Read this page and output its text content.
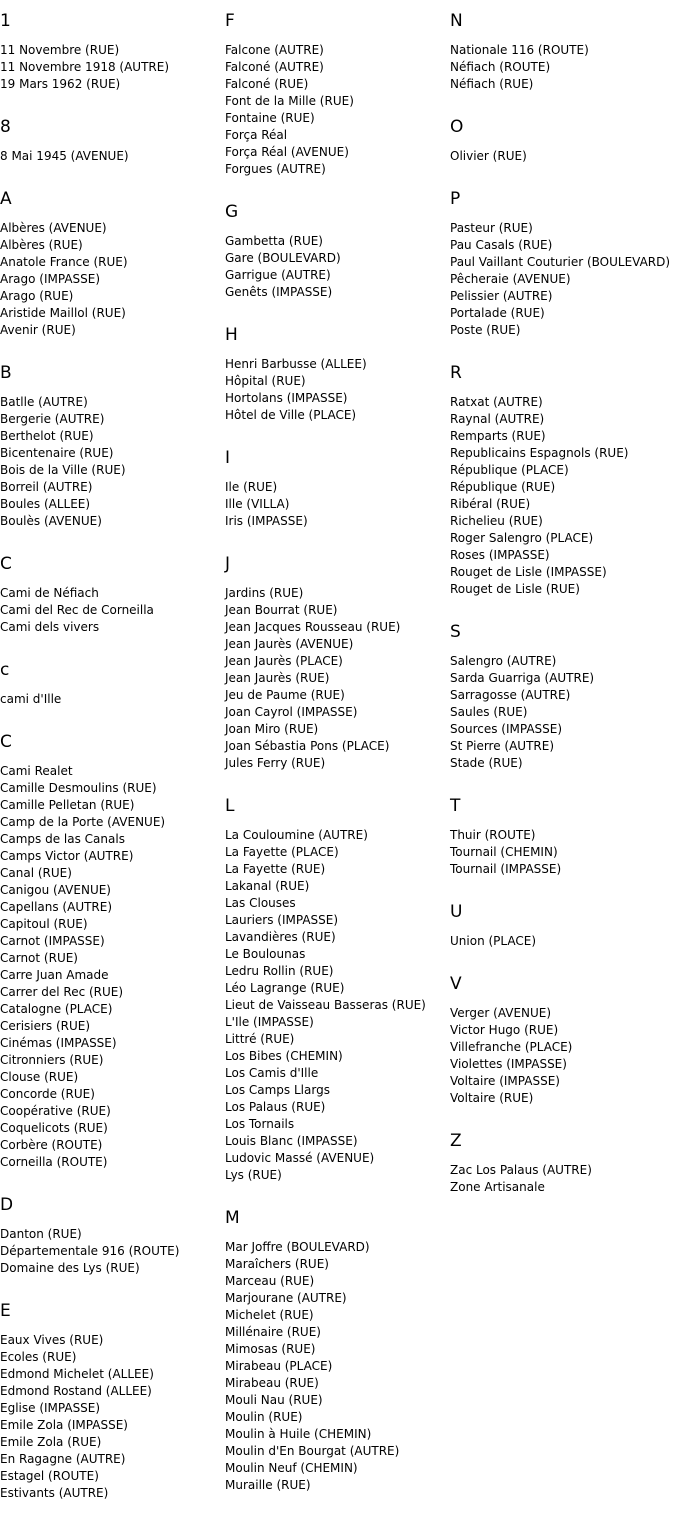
1
11 Novembre (RUE)
11 Novembre 1918 (AUTRE)
19 Mars 1962 (RUE)
8
8 Mai 1945 (AVENUE)
A
Albères (AVENUE)
Albères (RUE)
Anatole France (RUE)
Arago (IMPASSE)
Arago (RUE)
Aristide Maillol (RUE)
Avenir (RUE)
B
Batlle (AUTRE)
Bergerie (AUTRE)
Berthelot (RUE)
Bicentenaire (RUE)
Bois de la Ville (RUE)
Borreil (AUTRE)
Boules (ALLEE)
Boulès (AVENUE)
C
Cami de Néfiach
Cami del Rec de Corneilla
Cami dels vivers
c
cami d'Ille
C
Cami Realet
Camille Desmoulins (RUE)
Camille Pelletan (RUE)
Camp de la Porte (AVENUE)
Camps de las Canals
Camps Victor (AUTRE)
Canal (RUE)
Canigou (AVENUE)
Capellans (AUTRE)
Capitoul (RUE)
Carnot (IMPASSE)
Carnot (RUE)
Carre Juan Amade
Carrer del Rec (RUE)
Catalogne (PLACE)
Cerisiers (RUE)
Cinémas (IMPASSE)
Citronniers (RUE)
Clouse (RUE)
Concorde (RUE)
Coopérative (RUE)
Coquelicots (RUE)
Corbère (ROUTE)
Corneilla (ROUTE)
D
Danton (RUE)
Départementale 916 (ROUTE)
Domaine des Lys (RUE)
E
Eaux Vives (RUE)
Ecoles (RUE)
Edmond Michelet (ALLEE)
Edmond Rostand (ALLEE)
Eglise (IMPASSE)
Emile Zola (IMPASSE)
Emile Zola (RUE)
En Ragagne (AUTRE)
Estagel (ROUTE)
Estivants (AUTRE)
F
Falcone (AUTRE)
Falconé (AUTRE)
Falconé (RUE)
Font de la Mille (RUE)
Fontaine (RUE)
Força Réal
Força Réal (AVENUE)
Forgues (AUTRE)
G
Gambetta (RUE)
Gare (BOULEVARD)
Garrigue (AUTRE)
Genêts (IMPASSE)
H
Henri Barbusse (ALLEE)
Hôpital (RUE)
Hortolans (IMPASSE)
Hôtel de Ville (PLACE)
I
Ile (RUE)
Ille (VILLA)
Iris (IMPASSE)
J
Jardins (RUE)
Jean Bourrat (RUE)
Jean Jacques Rousseau (RUE)
Jean Jaurès (AVENUE)
Jean Jaurès (PLACE)
Jean Jaurès (RUE)
Jeu de Paume (RUE)
Joan Cayrol (IMPASSE)
Joan Miro (RUE)
Joan Sébastia Pons (PLACE)
Jules Ferry (RUE)
L
La Couloumine (AUTRE)
La Fayette (PLACE)
La Fayette (RUE)
Lakanal (RUE)
Las Clouses
Lauriers (IMPASSE)
Lavandières (RUE)
Le Boulounas
Ledru Rollin (RUE)
Léo Lagrange (RUE)
Lieut de Vaisseau Basseras (RUE)
L'Ile (IMPASSE)
Littré (RUE)
Los Bibes (CHEMIN)
Los Camis d'Ille
Los Camps Llargs
Los Palaus (RUE)
Los Tornails
Louis Blanc (IMPASSE)
Ludovic Massé (AVENUE)
Lys (RUE)
M
Mar Joffre (BOULEVARD)
Maraîchers (RUE)
Marceau (RUE)
Marjourane (AUTRE)
Michelet (RUE)
Millénaire (RUE)
Mimosas (RUE)
Mirabeau (PLACE)
Mirabeau (RUE)
Mouli Nau (RUE)
Moulin (RUE)
Moulin à Huile (CHEMIN)
Moulin d'En Bourgat (AUTRE)
Moulin Neuf (CHEMIN)
Muraille (RUE)
N
Nationale 116 (ROUTE)
Néfiach (ROUTE)
Néfiach (RUE)
O
Olivier (RUE)
P
Pasteur (RUE)
Pau Casals (RUE)
Paul Vaillant Couturier (BOULEVARD)
Pêcheraie (AVENUE)
Pelissier (AUTRE)
Portalade (RUE)
Poste (RUE)
R
Ratxat (AUTRE)
Raynal (AUTRE)
Remparts (RUE)
Republicains Espagnols (RUE)
République (PLACE)
République (RUE)
Ribéral (RUE)
Richelieu (RUE)
Roger Salengro (PLACE)
Roses (IMPASSE)
Rouget de Lisle (IMPASSE)
Rouget de Lisle (RUE)
S
Salengro (AUTRE)
Sarda Guarriga (AUTRE)
Sarragosse (AUTRE)
Saules (RUE)
Sources (IMPASSE)
St Pierre (AUTRE)
Stade (RUE)
T
Thuir (ROUTE)
Tournail (CHEMIN)
Tournail (IMPASSE)
U
Union (PLACE)
V
Verger (AVENUE)
Victor Hugo (RUE)
Villefranche (PLACE)
Violettes (IMPASSE)
Voltaire (IMPASSE)
Voltaire (RUE)
Z
Zac Los Palaus (AUTRE)
Zone Artisanale
